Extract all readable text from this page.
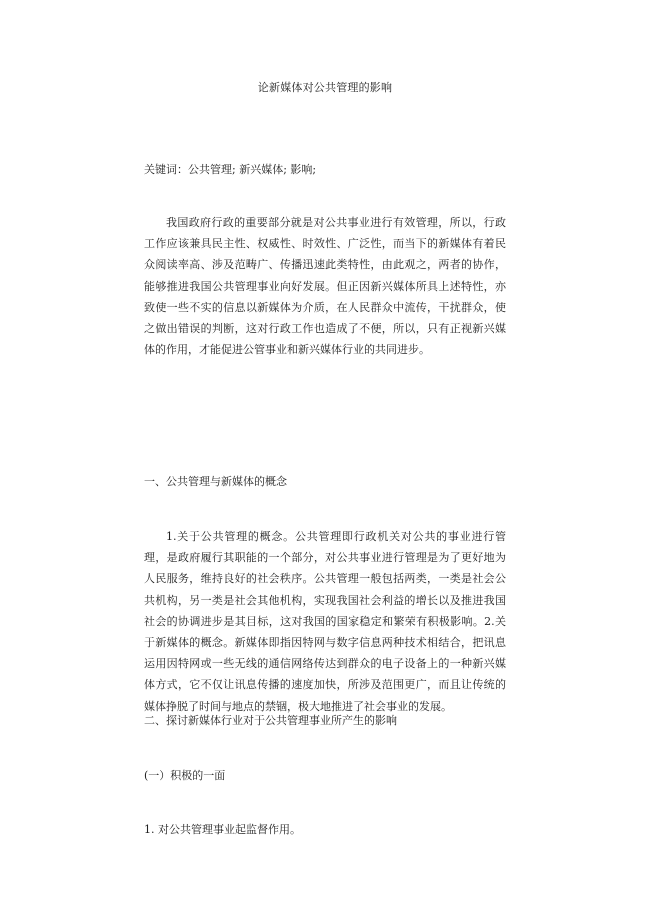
论新媒体对公共管理的影响
关键词：公共管理; 新兴媒体; 影响;

我国政府行政的重要部分就是对公共事业进行有效管理，所以，行政工作应该兼具民主性、权威性、时效性、广泛性，而当下的新媒体有着民众阅读率高、涉及范畴广、传播迅速此类特性，由此观之，两者的协作，能够推进我国公共管理事业向好发展。但正因新兴媒体所具上述特性，亦致使一些不实的信息以新媒体为介质，在人民群众中流传，干扰群众，使之做出错误的判断，这对行政工作也造成了不便，所以，只有正视新兴媒体的作用，才能促进公管事业和新兴媒体行业的共同进步。

一、公共管理与新媒体的概念

1.关于公共管理的概念。公共管理即行政机关对公共的事业进行管理，是政府履行其职能的一个部分，对公共事业进行管理是为了更好地为人民服务，维持良好的社会秩序。公共管理一般包括两类，一类是社会公共机构，另一类是社会其他机构，实现我国社会利益的增长以及推进我国社会的协调进步是其目标，这对我国的国家稳定和繁荣有积极影响。2.关于新媒体的概念。新媒体即指因特网与数字信息两种技术相结合，把讯息运用因特网或一些无线的通信网络传达到群众的电子设备上的一种新兴媒体方式，它不仅让讯息传播的速度加快，所涉及范围更广，而且让传统的媒体挣脱了时间与地点的禁锢，极大地推进了社会事业的发展。

二、探讨新媒体行业对于公共管理事业所产生的影响
(一）积极的一面
1. 对公共管理事业起监督作用。
